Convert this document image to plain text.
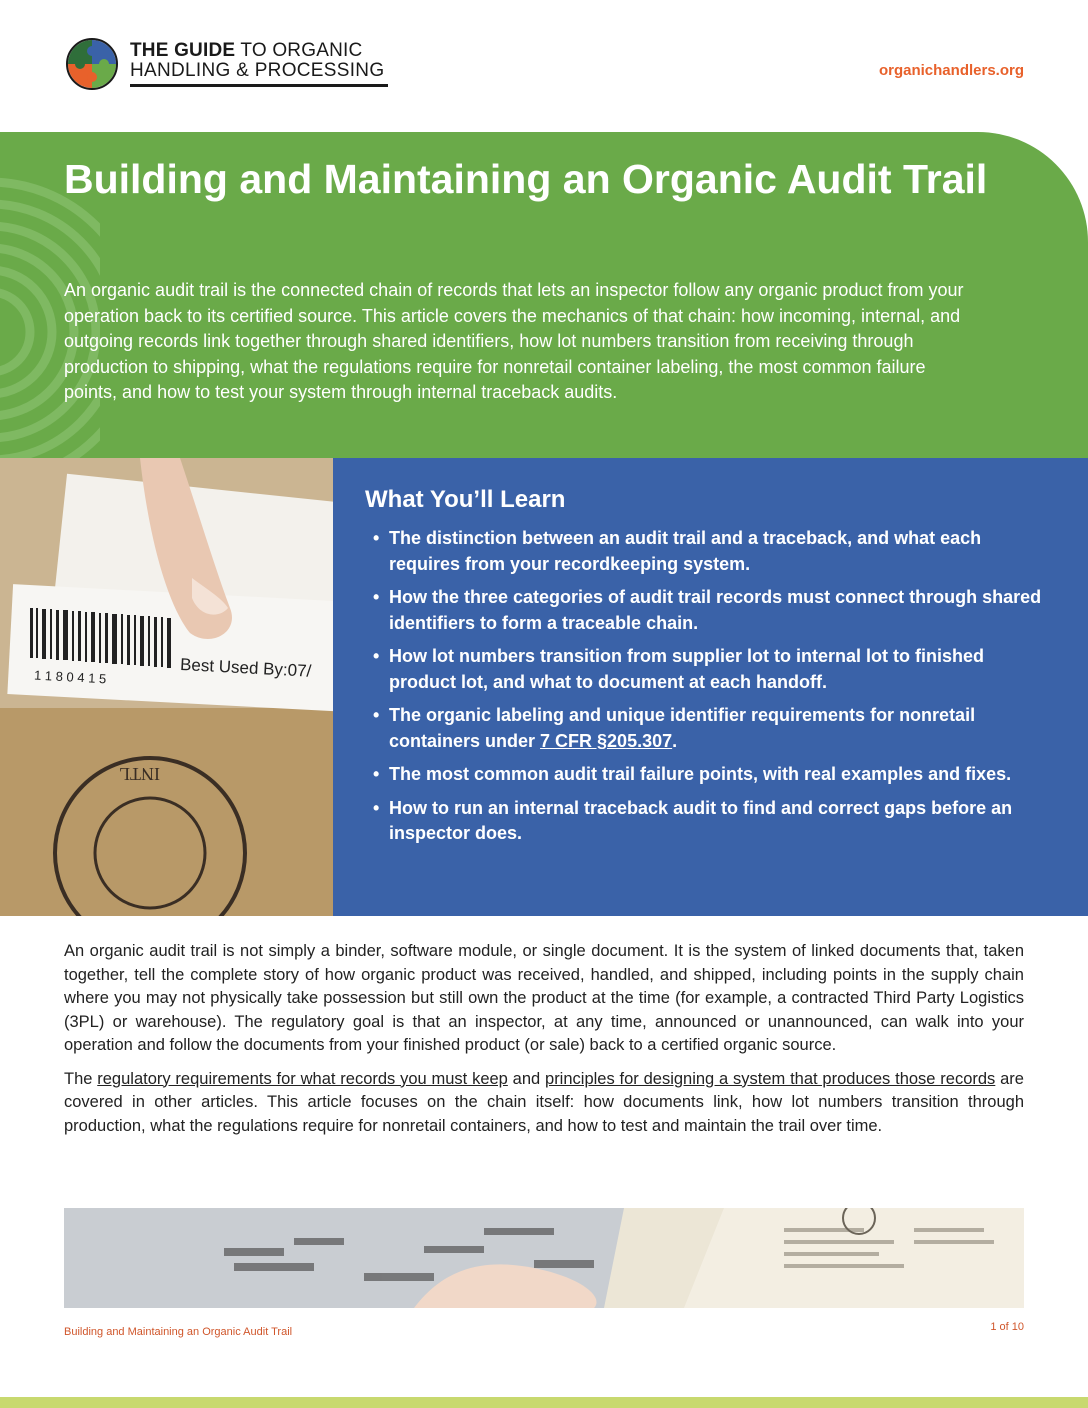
THE GUIDE TO ORGANIC
HANDLING & PROCESSING	organichandlers.org
Building and Maintaining an Organic Audit Trail

An organic audit trail is the connected chain of records that lets an inspector follow any organic product from your operation back to its certified source. This article covers the mechanics of that chain: how incoming, internal, and outgoing records link together through shared identifiers, how lot numbers transition from receiving through production to shipping, what the regulations require for nonretail container labeling, the most common failure points, and how to test your system through internal traceback audits.

1 1 8 0 4 1 5	Best Used By:07/
INTL
What You’ll Learn
• The distinction between an audit trail and a traceback, and what each requires from your recordkeeping system.
• How the three categories of audit trail records must connect through shared identifiers to form a traceable chain.
• How lot numbers transition from supplier lot to internal lot to finished product lot, and what to document at each handoff.
• The organic labeling and unique identifier requirements for nonretail containers under 7 CFR §205.307.
• The most common audit trail failure points, with real examples and fixes.
• How to run an internal traceback audit to find and correct gaps before an inspector does.

An organic audit trail is not simply a binder, software module, or single document. It is the system of linked documents that, taken together, tell the complete story of how organic product was received, handled, and shipped, including points in the supply chain where you may not physically take possession but still own the product at the time (for example, a contracted Third Party Logistics (3PL) or warehouse). The regulatory goal is that an inspector, at any time, announced or unannounced, can walk into your operation and follow the documents from your finished product (or sale) back to a certified organic source.

The regulatory requirements for what records you must keep and principles for designing a system that produces those records are covered in other articles. This article focuses on the chain itself: how documents link, how lot numbers transition through production, what the regulations require for nonretail containers, and how to test and maintain the trail over time.

Building and Maintaining an Organic Audit Trail	1 of 10
